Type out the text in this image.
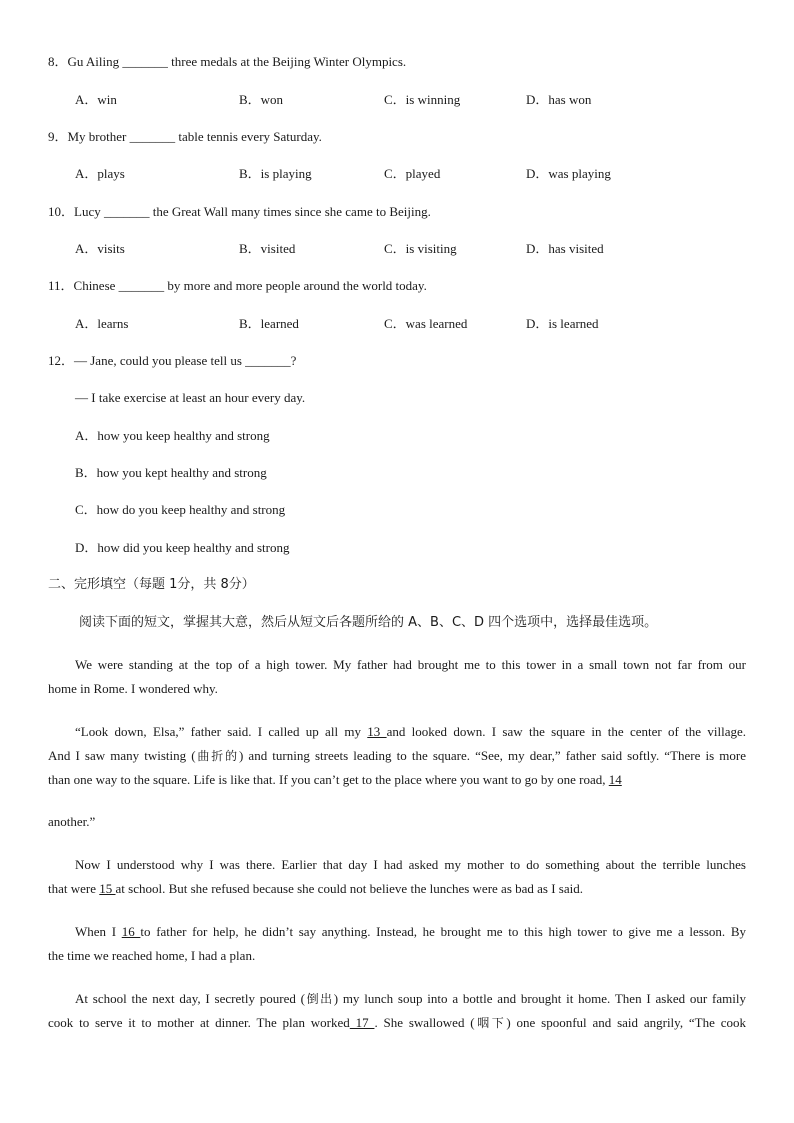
8．Gu Ailing _______ three medals at the Beijing Winter Olympics.
A．win	B．won	C．is winning	D．has won
9．My brother _______ table tennis every Saturday.
A．plays	B．is playing	C．played	D．was playing
10．Lucy _______ the Great Wall many times since she came to Beijing.
A．visits	B．visited	C．is visiting	D．has visited
11．Chinese _______ by more and more people around the world today.
A．learns	B．learned	C．was learned	D．is learned
12．— Jane, could you please tell us _______?
— I take exercise at least an hour every day.
A．how you keep healthy and strong
B．how you kept healthy and strong
C．how do you keep healthy and strong
D．how did you keep healthy and strong
二、完形填空（每题 1分，共 8分）
阅读下面的短文，掌握其大意，然后从短文后各题所给的 A、B、C、D 四个选项中，选择最佳选项。
We were standing at the top of a high tower. My father had brought me to this tower in a small town not far from our
home in Rome. I wondered why.
“Look down, Elsa,” father said. I called up all my 13 and looked down. I saw the square in the center of the village.
And I saw many twisting (曲折的) and turning streets leading to the square. “See, my dear,” father said softly. “There is more
than one way to the square. Life is like that. If you can’t get to the place where you want to go by one road, 14
another.”
Now I understood why I was there. Earlier that day I had asked my mother to do something about the terrible lunches
that were 15 at school. But she refused because she could not believe the lunches were as bad as I said.
When I 16 to father for help, he didn’t say anything. Instead, he brought me to this high tower to give me a lesson. By
the time we reached home, I had a plan.
At school the next day, I secretly poured (倒出) my lunch soup into a bottle and brought it home. Then I asked our family
cook to serve it to mother at dinner. The plan worked 17 . She swallowed (咽下) one spoonful and said angrily, “The cook
